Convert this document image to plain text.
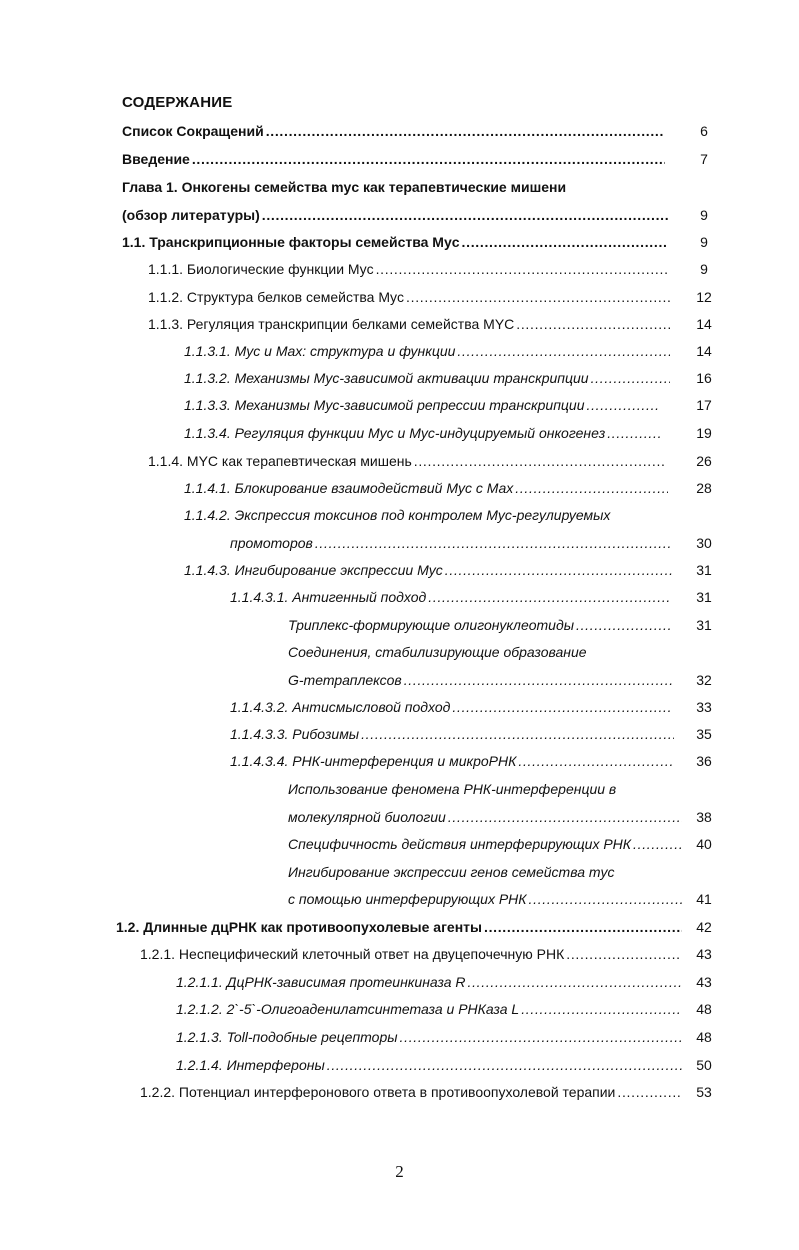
СОДЕРЖАНИЕ
Список Сокращений . . .	6
Введение . . .	7
Глава 1. Онкогены семейства myc как терапевтические мишени
(обзор литературы) . . .	9
1.1. Транскрипционные факторы семейства Myc . . .	9
1.1.1. Биологические функции Myc . . .	9
1.1.2. Структура белков семейства Myc . . .	12
1.1.3. Регуляция транскрипции белками семейства MYC . . .	14
1.1.3.1. Myc и Max: структура и функции . . .	14
1.1.3.2. Механизмы Myc-зависимой активации транскрипции . . .	16
1.1.3.3. Механизмы Myc-зависимой репрессии транскрипции . . .	17
1.1.3.4. Регуляция функции Myc и Myc-индуцируемый онкогенез . . .	19
1.1.4. MYC как терапевтическая мишень . . .	26
1.1.4.1. Блокирование взаимодействий Myc с Max . . .	28
1.1.4.2. Экспрессия токсинов под контролем Myc-регулируемых
промоторов . . .	30
1.1.4.3. Ингибирование экспрессии Myc . . .	31
1.1.4.3.1. Антигенный подход . . .	31
Триплекс-формирующие олигонуклеотиды . . .	31
Соединения, стабилизирующие образование
G-тетраплексов . . .	32
1.1.4.3.2. Антисмысловой подход . . .	33
1.1.4.3.3. Рибозимы . . .	35
1.1.4.3.4. РНК-интерференция и микроРНК . . .	36
Использование феномена РНК-интерференции в
молекулярной биологии . . .	38
Специфичность действия интерферирующих РНК . . .	40
Ингибирование экспрессии генов семейства myc
с помощью интерферирующих РНК . . .	41
1.2. Длинные дцРНК как противоопухолевые агенты . . .	42
1.2.1. Неспецифический клеточный ответ на двуцепочечную РНК . . .	43
1.2.1.1. ДцРНК-зависимая протеинкиназа R . . .	43
1.2.1.2. 2`-5`-Олигоаденилатсинтетаза и РНКаза L . . .	48
1.2.1.3. Toll-подобные рецепторы . . .	48
1.2.1.4. Интерфероны . . .	50
1.2.2. Потенциал интерферонового ответа в противоопухолевой терапии . . .	53
2
